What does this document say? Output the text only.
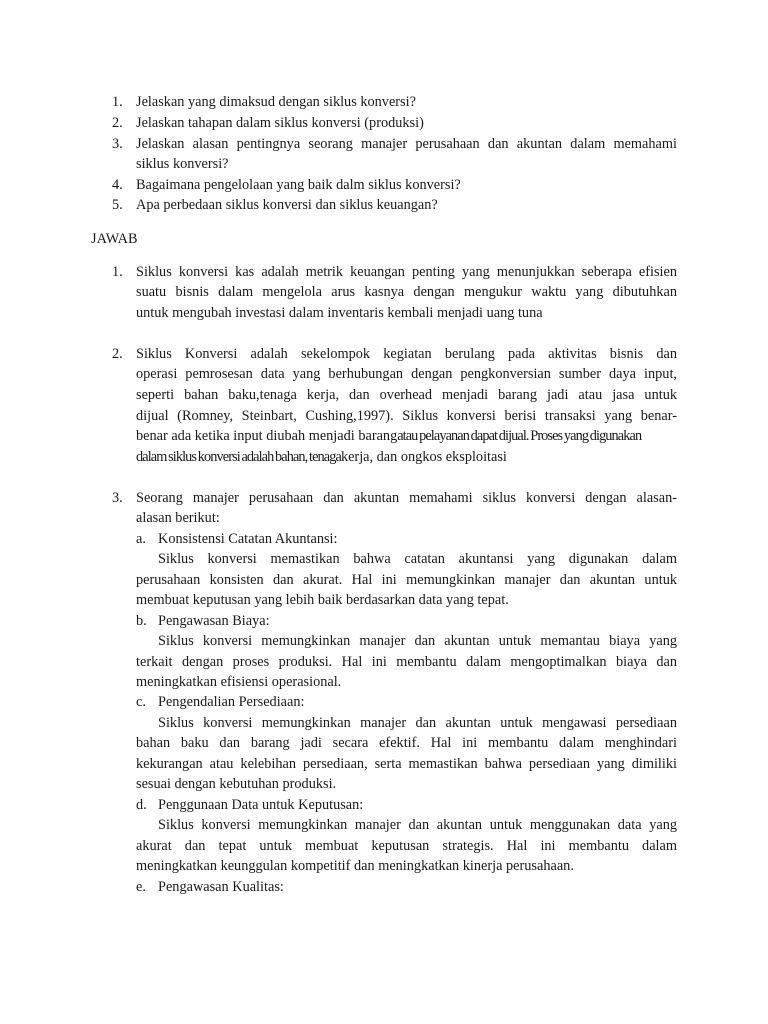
1. Jelaskan yang dimaksud dengan siklus konversi?
2. Jelaskan tahapan dalam siklus konversi (produksi)
3. Jelaskan alasan pentingnya seorang manajer perusahaan dan akuntan dalam memahami
siklus konversi?
4. Bagaimana pengelolaan yang baik dalm siklus konversi?
5. Apa perbedaan siklus konversi dan siklus keuangan?
JAWAB
1. Siklus konversi kas adalah metrik keuangan penting yang menunjukkan seberapa efisien
suatu bisnis dalam mengelola arus kasnya dengan mengukur waktu yang dibutuhkan
untuk mengubah investasi dalam inventaris kembali menjadi uang tuna
2. Siklus Konversi adalah sekelompok kegiatan berulang pada aktivitas bisnis dan
operasi pemrosesan data yang berhubungan dengan pengkonversian sumber daya input,
seperti bahan baku,tenaga kerja, dan overhead menjadi barang jadi atau jasa untuk
dijual (Romney, Steinbart, Cushing,1997). Siklus konversi berisi transaksi yang benar-
benar ada ketika input diubah menjadi barangatau pelayanan dapat dijual. Proses yang digunakan
dalam siklus konversi adalah bahan, tenagakerja, dan ongkos eksploitasi
3. Seorang manajer perusahaan dan akuntan memahami siklus konversi dengan alasan-
alasan berikut:
a. Konsistensi Catatan Akuntansi:
Siklus konversi memastikan bahwa catatan akuntansi yang digunakan dalam
perusahaan konsisten dan akurat. Hal ini memungkinkan manajer dan akuntan untuk
membuat keputusan yang lebih baik berdasarkan data yang tepat.
b. Pengawasan Biaya:
Siklus konversi memungkinkan manajer dan akuntan untuk memantau biaya yang
terkait dengan proses produksi. Hal ini membantu dalam mengoptimalkan biaya dan
meningkatkan efisiensi operasional.
c. Pengendalian Persediaan:
Siklus konversi memungkinkan manajer dan akuntan untuk mengawasi persediaan
bahan baku dan barang jadi secara efektif. Hal ini membantu dalam menghindari
kekurangan atau kelebihan persediaan, serta memastikan bahwa persediaan yang dimiliki
sesuai dengan kebutuhan produksi.
d. Penggunaan Data untuk Keputusan:
Siklus konversi memungkinkan manajer dan akuntan untuk menggunakan data yang
akurat dan tepat untuk membuat keputusan strategis. Hal ini membantu dalam
meningkatkan keunggulan kompetitif dan meningkatkan kinerja perusahaan.
e. Pengawasan Kualitas:
